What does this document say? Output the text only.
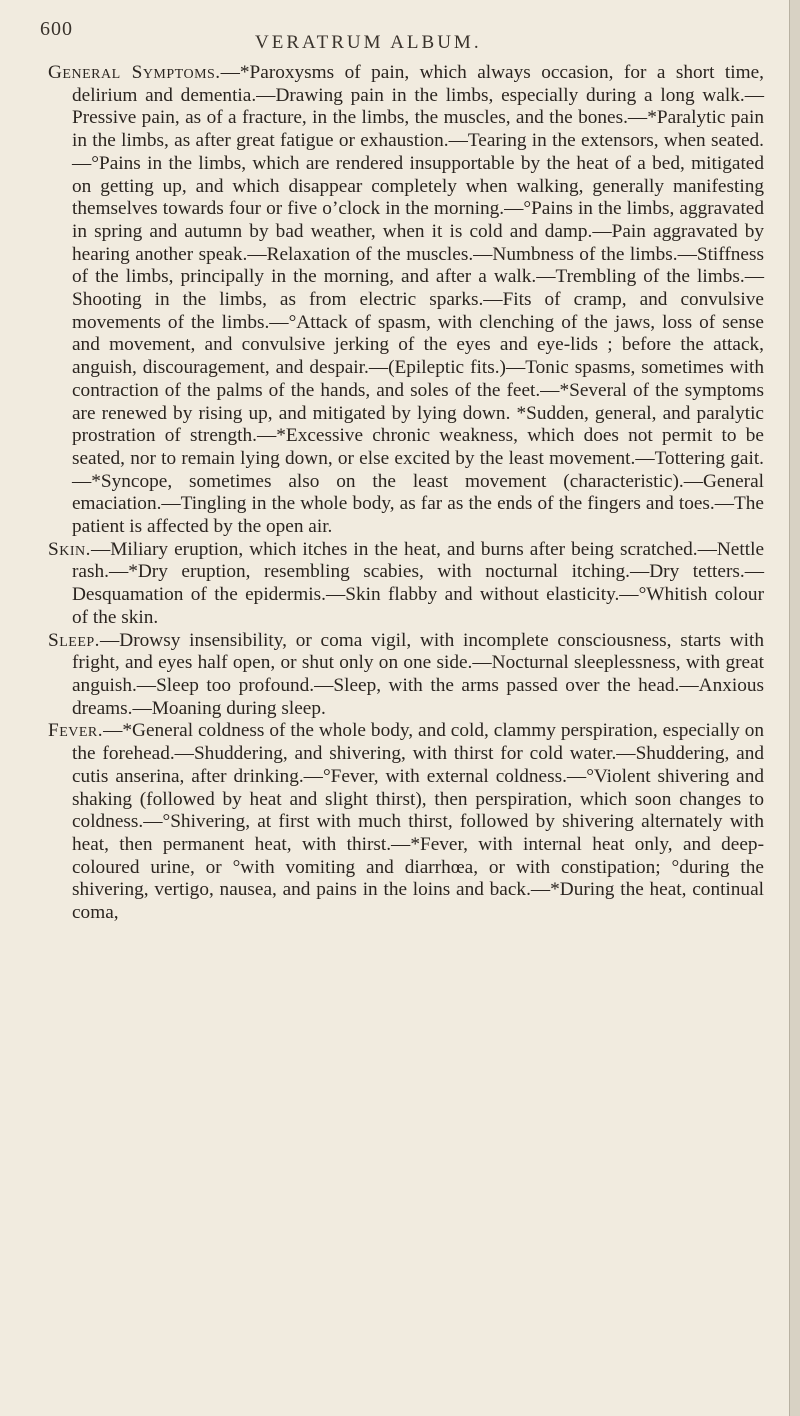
600
VERATRUM ALBUM.

General Symptoms.—*Paroxysms of pain, which always occasion, for a short time, delirium and dementia.—Drawing pain in the limbs, especially during a long walk.—Pressive pain, as of a fracture, in the limbs, the muscles, and the bones.—*Paralytic pain in the limbs, as after great fatigue or exhaustion.—Tearing in the extensors, when seated.—°Pains in the limbs, which are rendered insupportable by the heat of a bed, mitigated on getting up, and which disappear completely when walking, generally manifesting themselves towards four or five o’clock in the morning.—°Pains in the limbs, aggravated in spring and autumn by bad weather, when it is cold and damp.—Pain aggravated by hearing another speak.—Relaxation of the muscles.—Numbness of the limbs.—Stiffness of the limbs, principally in the morning, and after a walk.—Trembling of the limbs.—Shooting in the limbs, as from electric sparks.—Fits of cramp, and convulsive movements of the limbs.—°Attack of spasm, with clenching of the jaws, loss of sense and movement, and convulsive jerking of the eyes and eye-lids ; before the attack, anguish, discouragement, and despair.—(Epileptic fits.)—Tonic spasms, sometimes with contraction of the palms of the hands, and soles of the feet.—*Several of the symptoms are renewed by rising up, and mitigated by lying down. *Sudden, general, and paralytic prostration of strength.—*Excessive chronic weakness, which does not permit to be seated, nor to remain lying down, or else excited by the least movement.—Tottering gait.—*Syncope, sometimes also on the least movement (characteristic).—General emaciation.—Tingling in the whole body, as far as the ends of the fingers and toes.—The patient is affected by the open air.

Skin.—Miliary eruption, which itches in the heat, and burns after being scratched.—Nettle rash.—*Dry eruption, resembling scabies, with nocturnal itching.—Dry tetters.—Desquamation of the epidermis.—Skin flabby and without elasticity.—°Whitish colour of the skin.

Sleep.—Drowsy insensibility, or coma vigil, with incomplete consciousness, starts with fright, and eyes half open, or shut only on one side.—Nocturnal sleeplessness, with great anguish.—Sleep too profound.—Sleep, with the arms passed over the head.—Anxious dreams.—Moaning during sleep.

Fever.—*General coldness of the whole body, and cold, clammy perspiration, especially on the forehead.—Shuddering, and shivering, with thirst for cold water.—Shuddering, and cutis anserina, after drinking.—°Fever, with external coldness.—°Violent shivering and shaking (followed by heat and slight thirst), then perspiration, which soon changes to coldness.—°Shivering, at first with much thirst, followed by shivering alternately with heat, then permanent heat, with thirst.—*Fever, with internal heat only, and deep-coloured urine, or °with vomiting and diarrhœa, or with constipation; °during the shivering, vertigo, nausea, and pains in the loins and back.—*During the heat, continual coma,
